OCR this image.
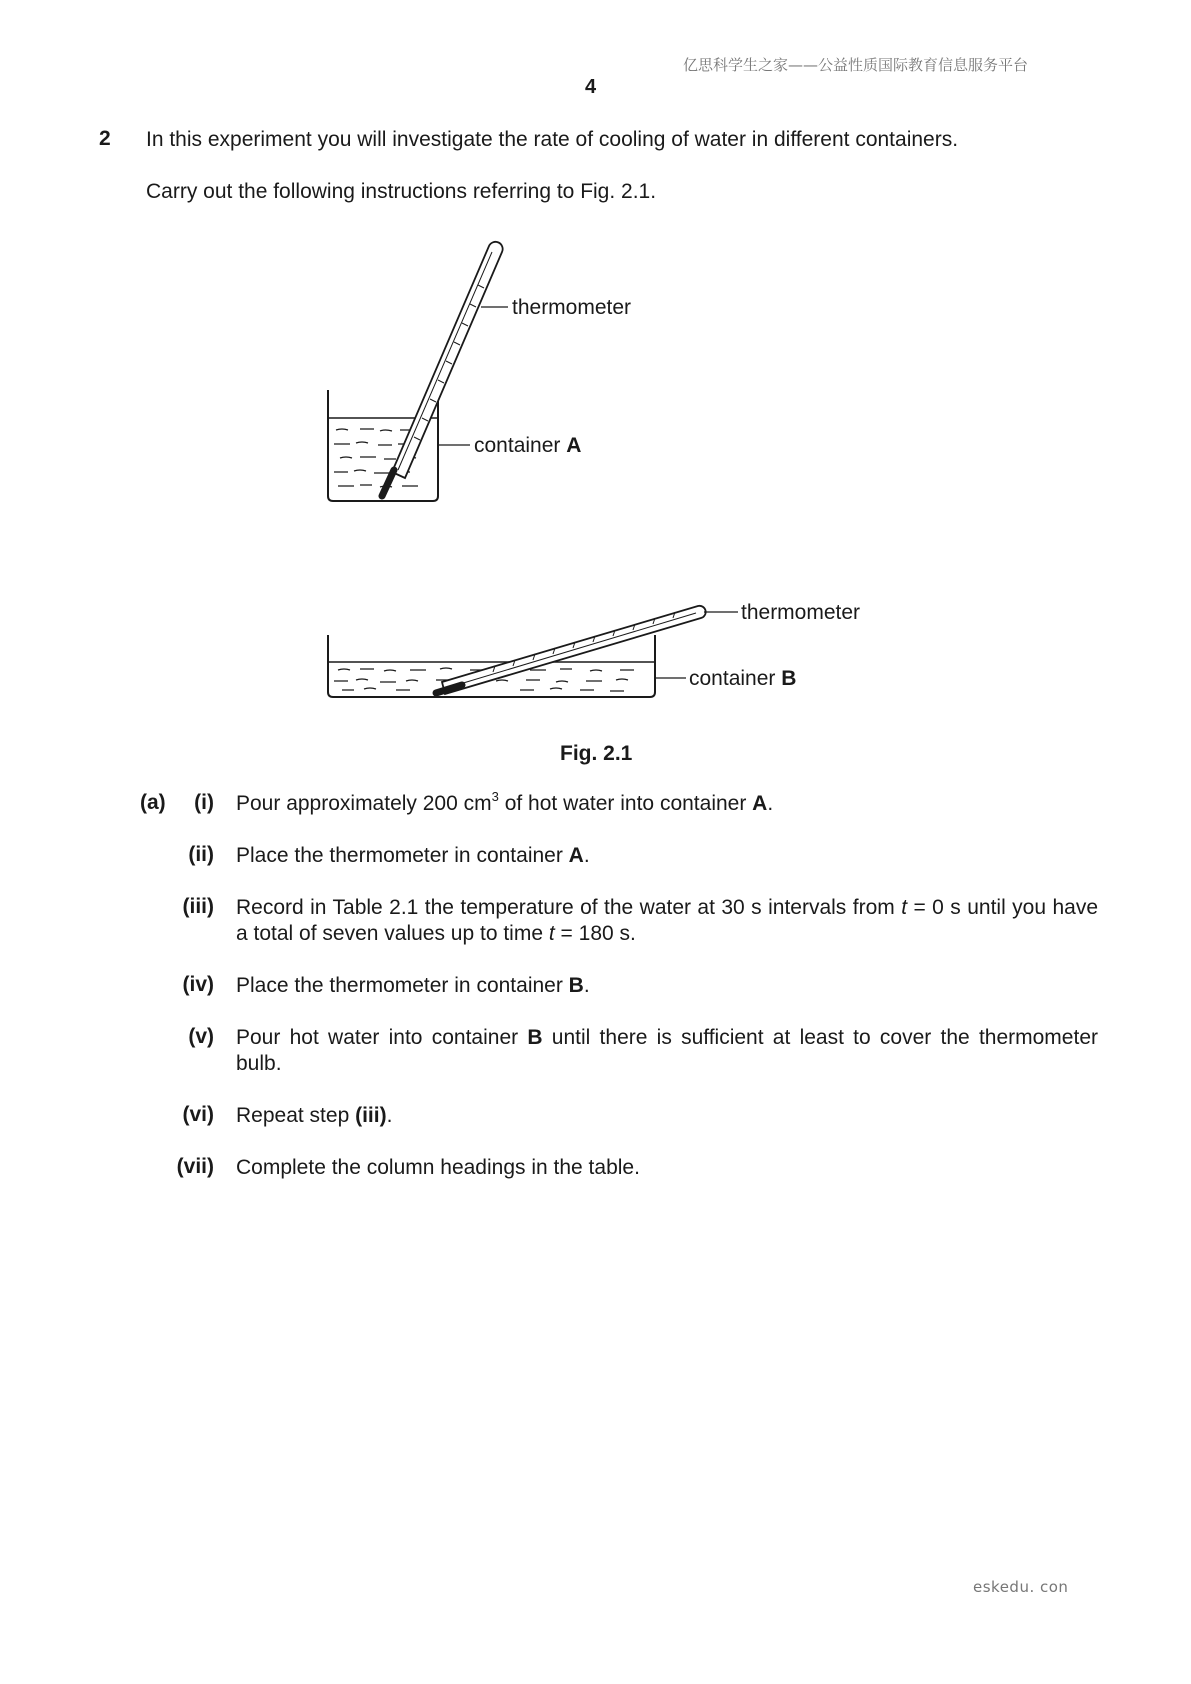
亿思科学生之家——公益性质国际教育信息服务平台
4
2 In this experiment you will investigate the rate of cooling of water in different containers.
Carry out the following instructions referring to Fig. 2.1.
thermometer
container A
thermometer
container B
Fig. 2.1
(a)	(i) Pour approximately 200 $cm^3$ of hot water into container A.
(ii) Place the thermometer in container A.
(iii) Record in Table 2.1 the temperature of the water at 30 s intervals from t = 0 s until you have a total of seven values up to time t = 180 s.
(iv) Place the thermometer in container B.
(v) Pour hot water into container B until there is sufficient at least to cover the thermometer bulb.
(vi) Repeat step (iii).
(vii) Complete the column headings in the table.
eskedu. con
